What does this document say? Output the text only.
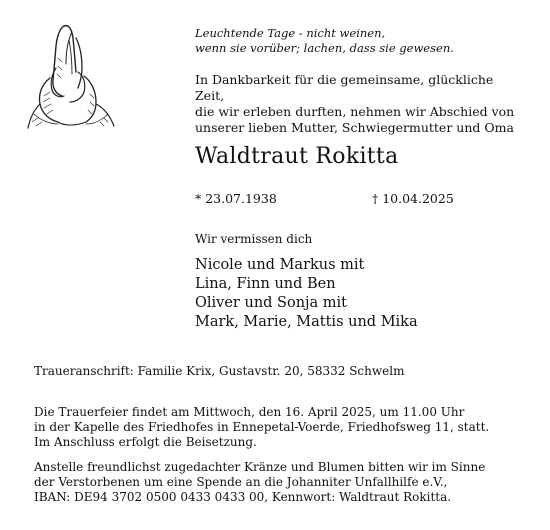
Leuchtende Tage - nicht weinen,
wenn sie vorüber; lachen, dass sie gewesen.
In Dankbarkeit für die gemeinsame, glückliche Zeit,
die wir erleben durften, nehmen wir Abschied von
unserer lieben Mutter, Schwiegermutter und Oma
Waldtraut Rokitta
* 23.07.1938	† 10.04.2025
Wir vermissen dich
Nicole und Markus mit
Lina, Finn und Ben
Oliver und Sonja mit
Mark, Marie, Mattis und Mika
Traueranschrift: Familie Krix, Gustavstr. 20, 58332 Schwelm
Die Trauerfeier findet am Mittwoch, den 16. April 2025, um 11.00 Uhr
in der Kapelle des Friedhofes in Ennepetal-Voerde, Friedhofsweg 11, statt.
Im Anschluss erfolgt die Beisetzung.
Anstelle freundlichst zugedachter Kränze und Blumen bitten wir im Sinne
der Verstorbenen um eine Spende an die Johanniter Unfallhilfe e.V.,
IBAN: DE94 3702 0500 0433 0433 00, Kennwort: Waldtraut Rokitta.
